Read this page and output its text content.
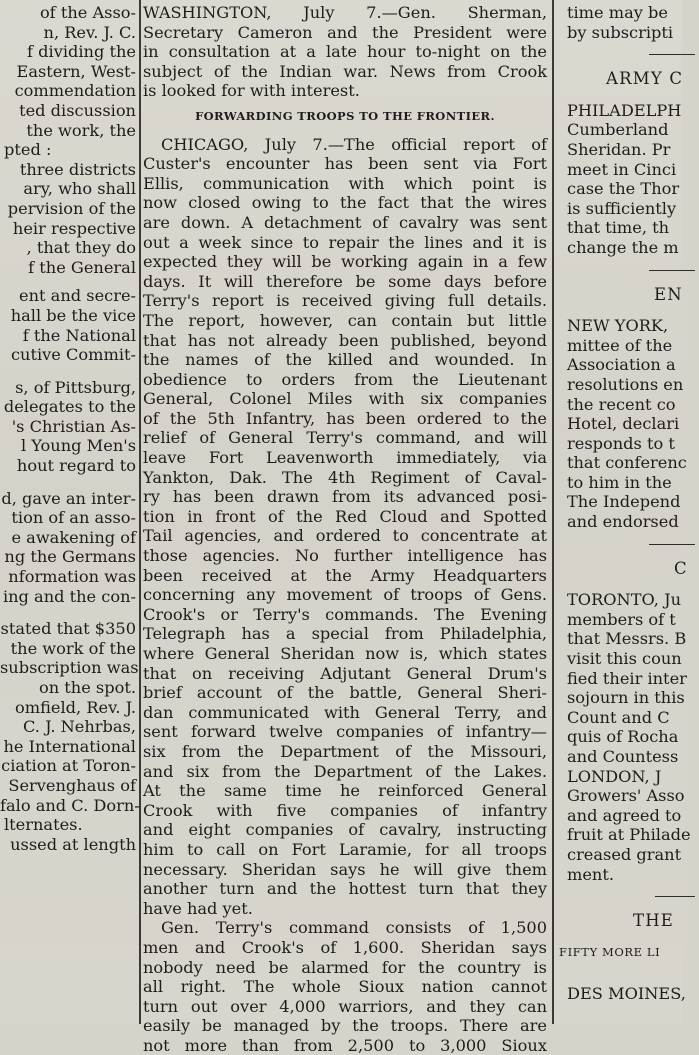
of the Asso-
n, Rev. J. C.
f dividing the
Eastern, West-
commendation
ted discussion
the work, the
pted :
three districts
ary, who shall
pervision of the
heir respective
, that they do
f the General
ent and secre-
hall be the vice
f the National
cutive Commit-
s, of Pittsburg,
delegates to the
's Christian As-
l Young Men's
hout regard to
d, gave an inter-
tion of an asso-
e awakening of
ng the Germans
nformation was
ing and the con-
stated that $350
the work of the
subscription was
on the spot.
omfield, Rev. J.
C. J. Nehrbas,
he International
ciation at Toron-
Servenghaus of
falo and C. Dorn-
lternates.
ussed at length
WASHINGTON, July 7.—Gen. Sherman,
Secretary Cameron and the President were
in consultation at a late hour to-night on the
subject of the Indian war. News from Crook
is looked for with interest.
FORWARDING TROOPS TO THE FRONTIER.
CHICAGO, July 7.—The official report of
Custer's encounter has been sent via Fort
Ellis, communication with which point is
now closed owing to the fact that the wires
are down. A detachment of cavalry was sent
out a week since to repair the lines and it is
expected they will be working again in a few
days. It will therefore be some days before
Terry's report is received giving full details.
The report, however, can contain but little
that has not already been published, beyond
the names of the killed and wounded. In
obedience to orders from the Lieutenant
General, Colonel Miles with six companies
of the 5th Infantry, has been ordered to the
relief of General Terry's command, and will
leave Fort Leavenworth immediately, via
Yankton, Dak. The 4th Regiment of Caval-
ry has been drawn from its advanced posi-
tion in front of the Red Cloud and Spotted
Tail agencies, and ordered to concentrate at
those agencies. No further intelligence has
been received at the Army Headquarters
concerning any movement of troops of Gens.
Crook's or Terry's commands. The Evening
Telegraph has a special from Philadelphia,
where General Sheridan now is, which states
that on receiving Adjutant General Drum's
brief account of the battle, General Sheri-
dan communicated with General Terry, and
sent forward twelve companies of infantry—
six from the Department of the Missouri,
and six from the Department of the Lakes.
At the same time he reinforced General
Crook with five companies of infantry
and eight companies of cavalry, instructing
him to call on Fort Laramie, for all troops
necessary. Sheridan says he will give them
another turn and the hottest turn that they
have had yet.
Gen. Terry's command consists of 1,500
men and Crook's of 1,600. Sheridan says
nobody need be alarmed for the country is
all right. The whole Sioux nation cannot
turn out over 4,000 warriors, and they can
easily be managed by the troops. There are
not more than from 2,500 to 3,000 Sioux
time may be
by subscripti
ARMY C
PHILADELPH
Cumberland
Sheridan. Pr
meet in Cinci
case the Thor
is sufficiently
that time, th
change the m
EN
NEW YORK,
mittee of the
Association a
resolutions en
the recent co
Hotel, declari
responds to t
that conferenc
to him in the
The Independ
and endorsed
C
TORONTO, Ju
members of t
that Messrs. B
visit this coun
fied their inter
sojourn in this
Count and C
quis of Rocha
and Countess
LONDON, J
Growers' Asso
and agreed to
fruit at Philade
creased grant
ment.
THE
FIFTY MORE LI
DES MOINES,
